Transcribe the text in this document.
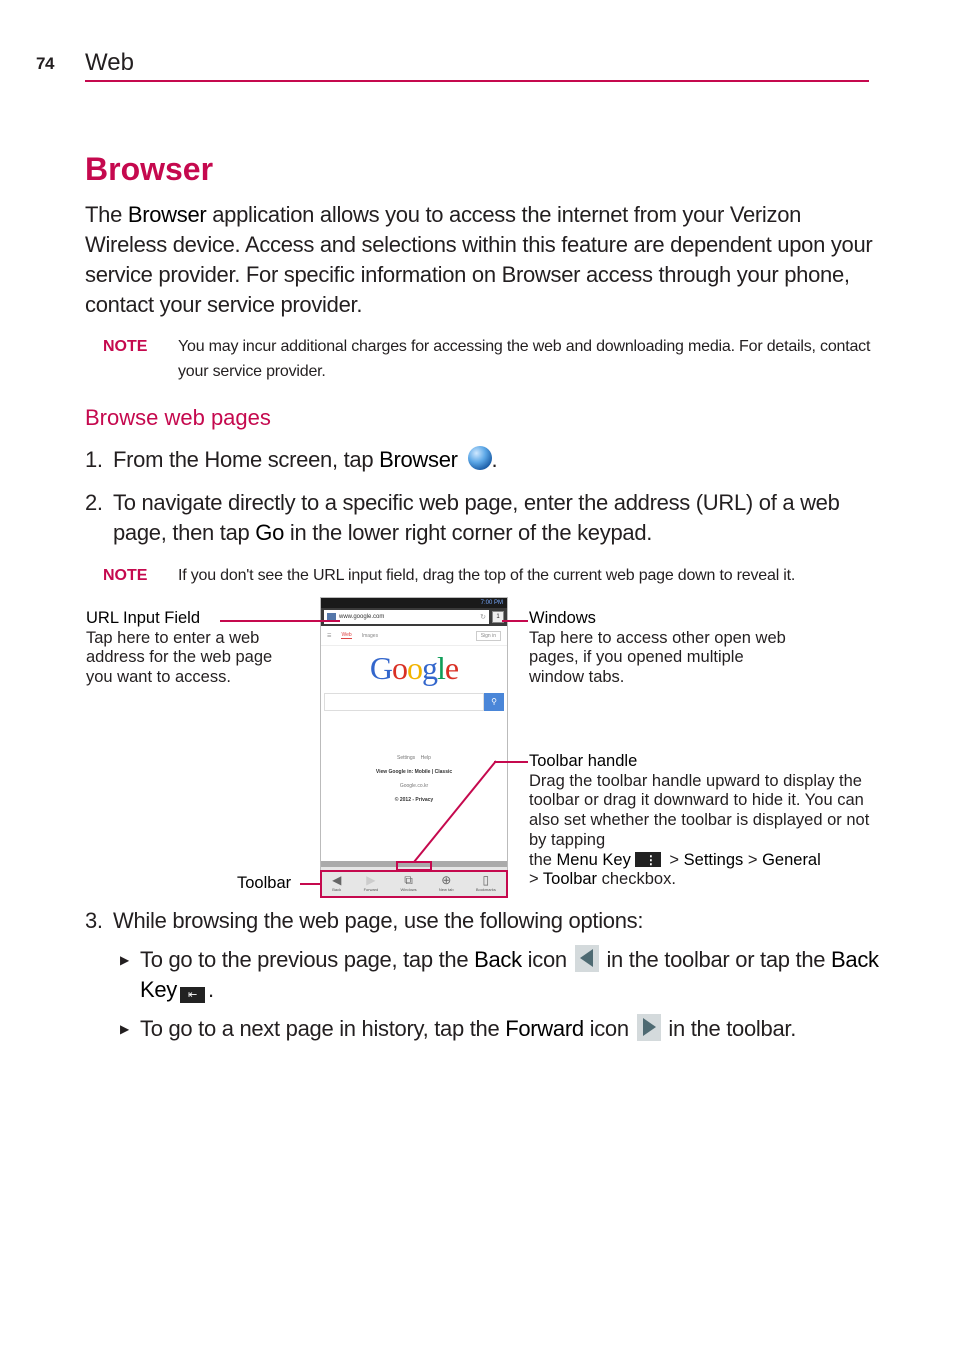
74 Web
Browser

The Browser application allows you to access the internet from your Verizon Wireless device. Access and selections within this feature are dependent upon your service provider. For specific information on Browser access through your phone, contact your service provider.

NOTE	You may incur additional charges for accessing the web and downloading media. For details, contact your service provider.
Browse web pages
1. From the Home screen, tap Browser .
2. To navigate directly to a specific web page, enter the address (URL) of a web page, then tap Go in the lower right corner of the keypad.
NOTE	If you don't see the URL input field, drag the top of the current web page down to reveal it.
7:00 PM
www.google.com	↻	1
☰ Web Images	Sign in
Google
⚲
Settings Help
View Google in: Mobile | Classic
Google.co.kr
© 2012 - Privacy
◀
Back
▶
Forward
⧉
Windows
⊕
New tab
▯
Bookmarks
URL Input Field
Tap here to enter a web address for the web page you want to access.
Windows
Tap here to access other open web pages, if you opened multiple window tabs.
Toolbar handle
Drag the toolbar handle upward to display the toolbar or drag it downward to hide it. You can also set whether the toolbar is displayed or not by tapping
the Menu Key⋮ > Settings > General
> Toolbar checkbox.
Toolbar
3. While browsing the web page, use the following options:
▶ To go to the previous page, tap the Back icon  in the toolbar or tap the Back Key ⇤ .
▶ To go to a next page in history, tap the Forward icon  in the toolbar.
